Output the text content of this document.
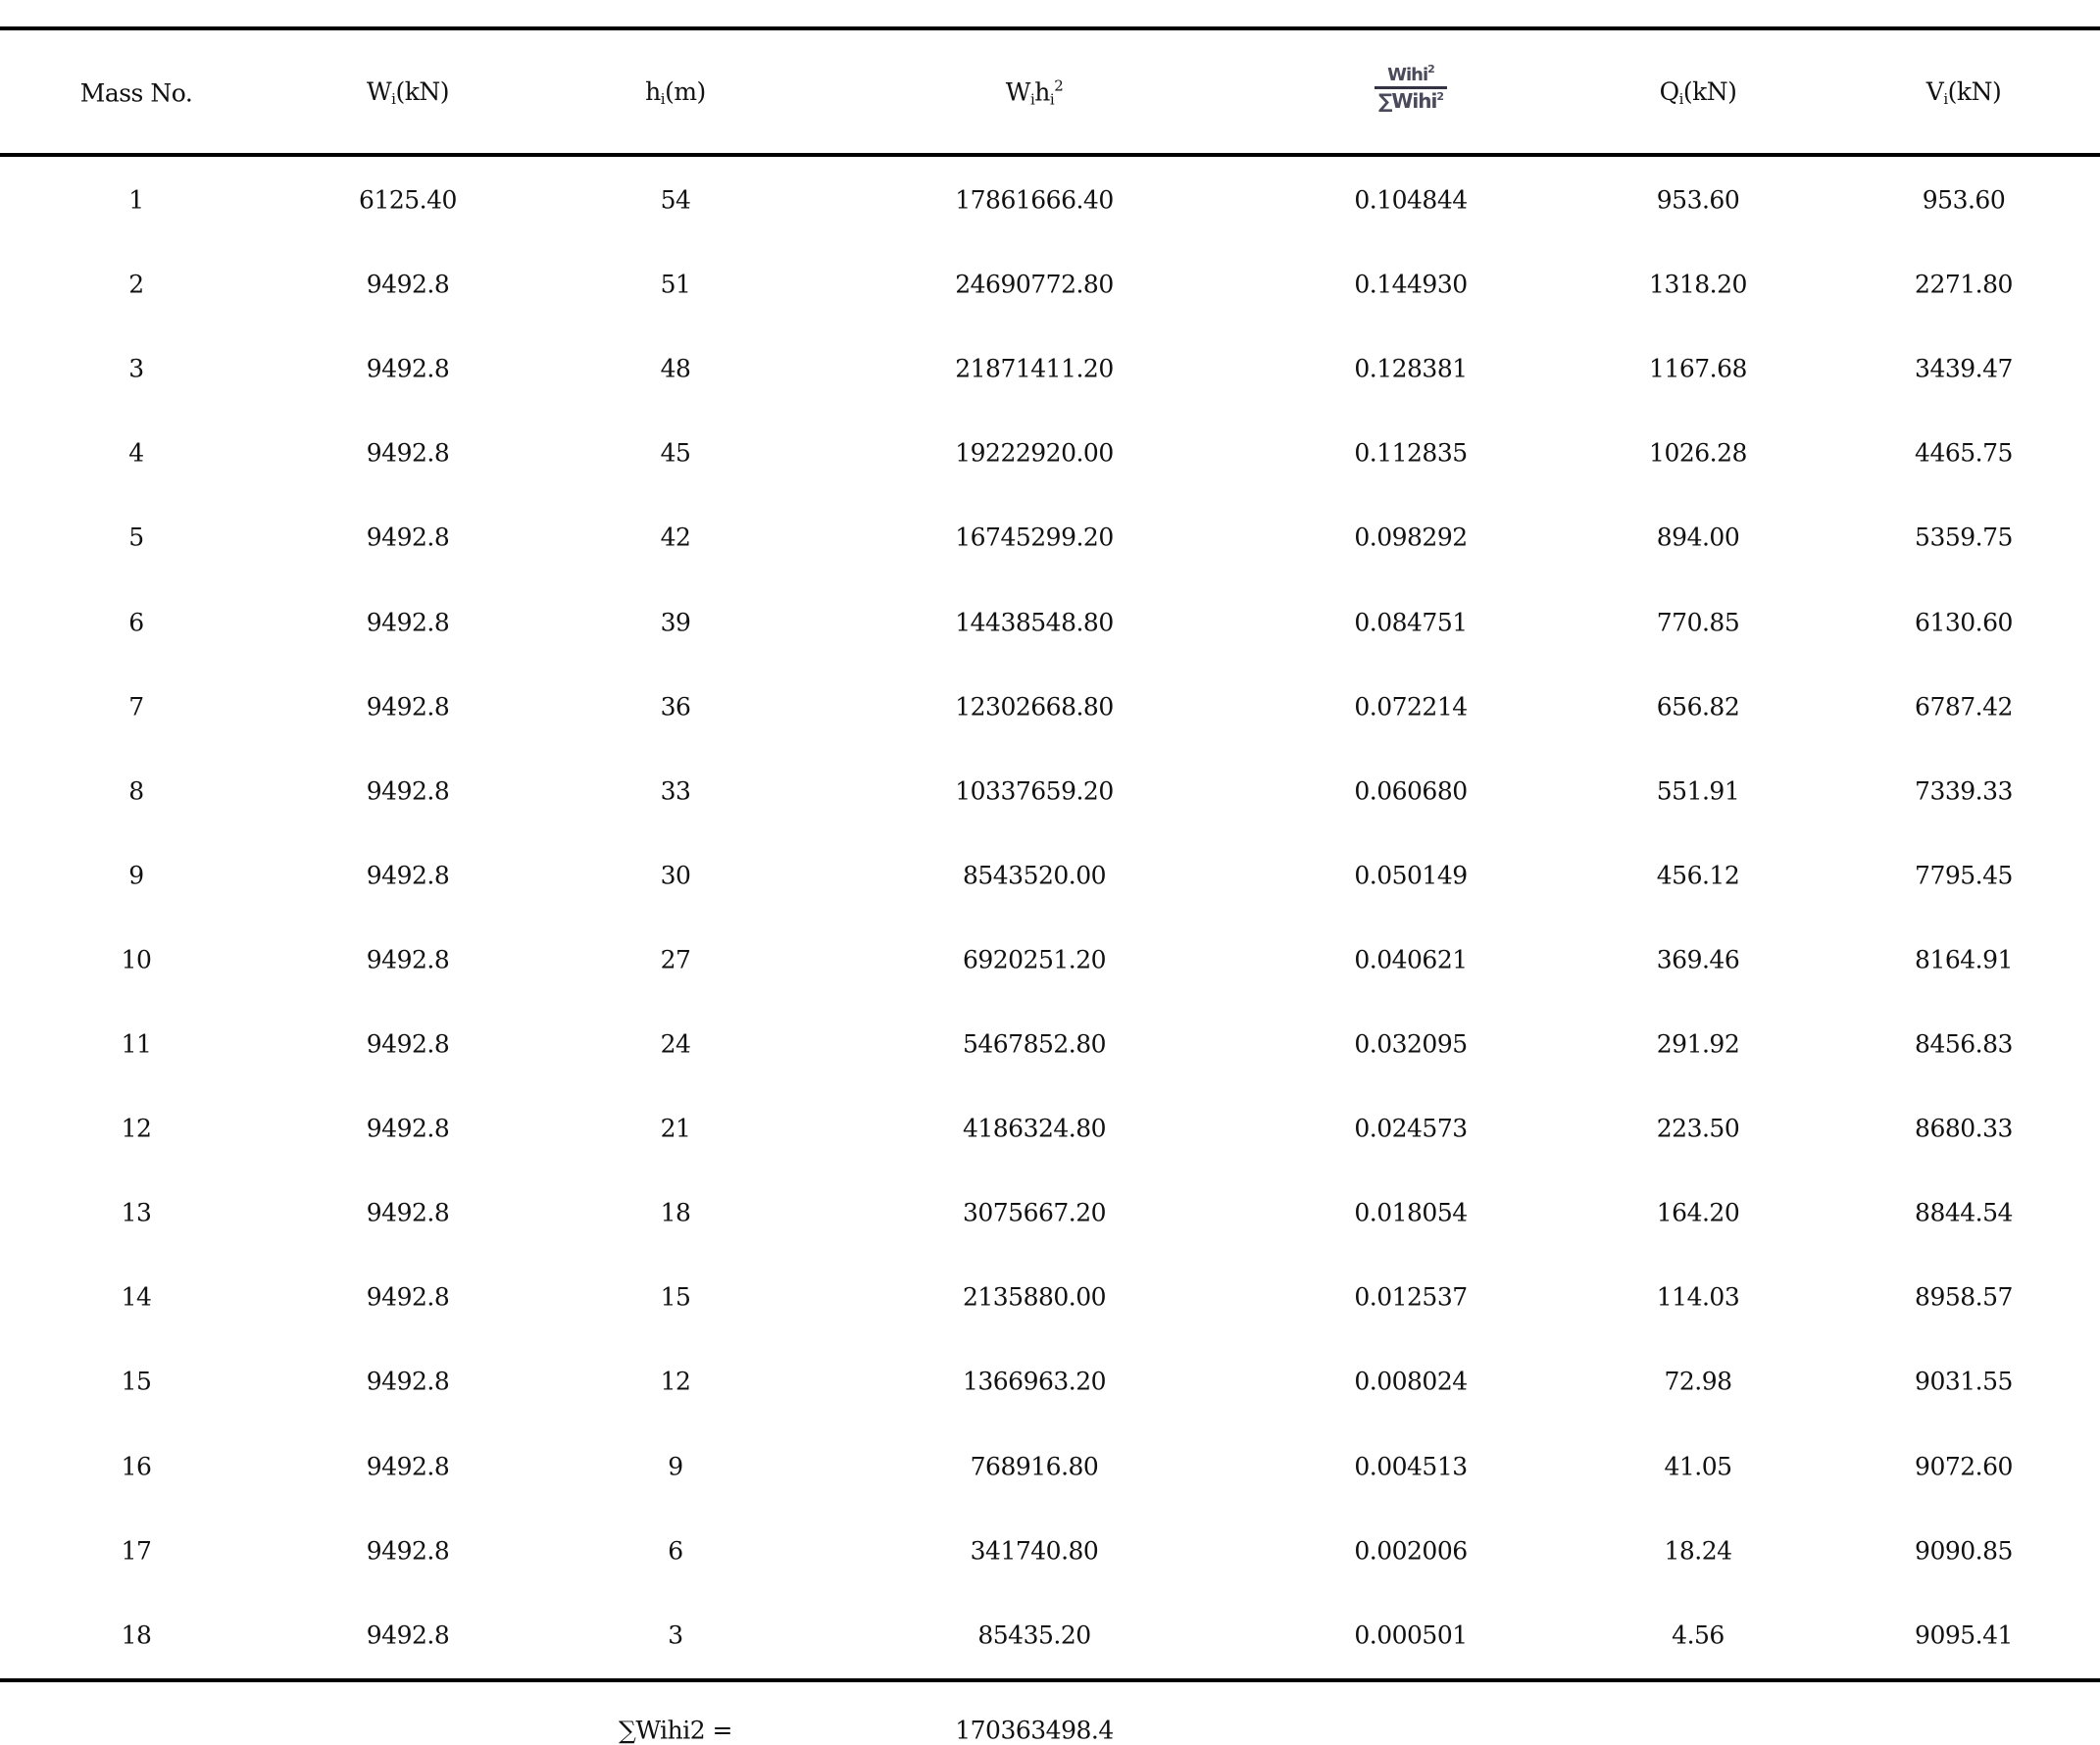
Mass No.	$W_i(kN)$	$h_i(m)$	$W_ih_i^2$	$\frac{Wihi^2}{\sum Wihi^2}$	$Q_i(kN)$	$V_i(kN)$
1	6125.40	54	17861666.40	0.104844	953.60	953.60
2	9492.8	51	24690772.80	0.144930	1318.20	2271.80
3	9492.8	48	21871411.20	0.128381	1167.68	3439.47
4	9492.8	45	19222920.00	0.112835	1026.28	4465.75
5	9492.8	42	16745299.20	0.098292	894.00	5359.75
6	9492.8	39	14438548.80	0.084751	770.85	6130.60
7	9492.8	36	12302668.80	0.072214	656.82	6787.42
8	9492.8	33	10337659.20	0.060680	551.91	7339.33
9	9492.8	30	8543520.00	0.050149	456.12	7795.45
10	9492.8	27	6920251.20	0.040621	369.46	8164.91
11	9492.8	24	5467852.80	0.032095	291.92	8456.83
12	9492.8	21	4186324.80	0.024573	223.50	8680.33
13	9492.8	18	3075667.20	0.018054	164.20	8844.54
14	9492.8	15	2135880.00	0.012537	114.03	8958.57
15	9492.8	12	1366963.20	0.008024	72.98	9031.55
16	9492.8	9	768916.80	0.004513	41.05	9072.60
17	9492.8	6	341740.80	0.002006	18.24	9090.85
18	9492.8	3	85435.20	0.000501	4.56	9095.41
∑Wihi2 =	170363498.4
